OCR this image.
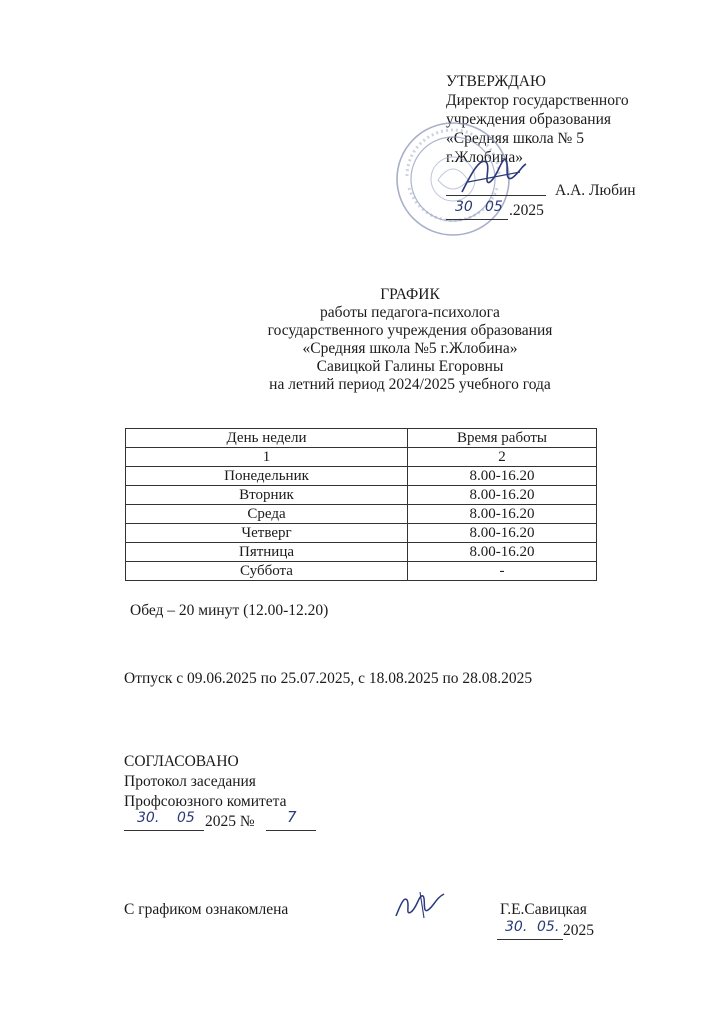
УТВЕРЖДАЮ
Директор государственного
учреждения образования
«Средняя школа № 5
г.Жлобина»
А.А. Любин
30 05 .2025
ГРАФИК
работы педагога-психолога
государственного учреждения образования
«Средняя школа №5 г.Жлобина»
Савицкой Галины Егоровны
на летний период 2024/2025 учебного года
День недели	Время работы
1	2
Понедельник	8.00-16.20
Вторник	8.00-16.20
Среда	8.00-16.20
Четверг	8.00-16.20
Пятница	8.00-16.20
Суббота	-
Обед – 20 минут (12.00-12.20)
Отпуск с 09.06.2025 по 25.07.2025, с 18.08.2025 по 28.08.2025
СОГЛАСОВАНО
Протокол заседания
Профсоюзного комитета
30. 05 2025 № 7
С графиком ознакомлена	Г.Е.Савицкая
30. 05. 2025
